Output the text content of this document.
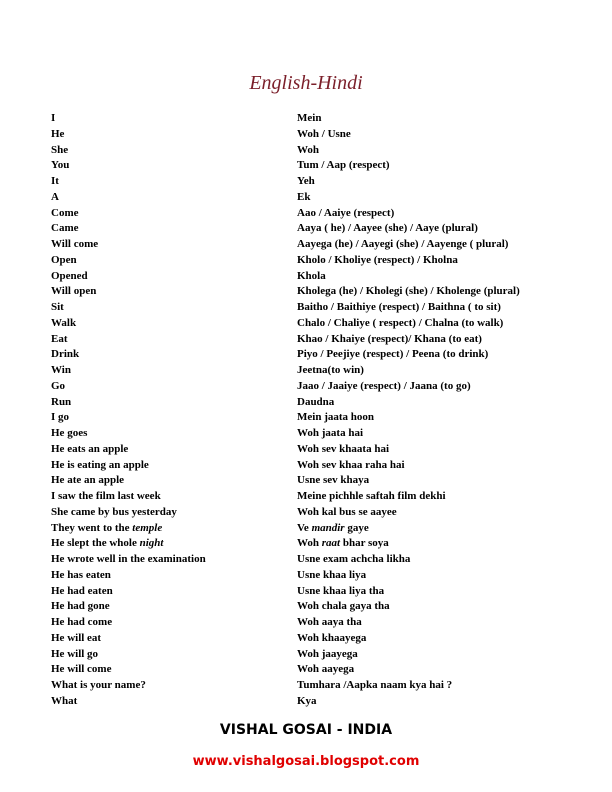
English-Hindi
I	Mein
He	Woh / Usne
She	Woh
You	Tum / Aap (respect)
It	Yeh
A	Ek
Come	Aao / Aaiye (respect)
Came	Aaya ( he) / Aayee (she) / Aaye (plural)
Will come	Aayega (he) / Aayegi (she) / Aayenge ( plural)
Open	Kholo / Kholiye (respect) / Kholna
Opened	Khola
Will open	Kholega (he) / Kholegi (she) / Kholenge (plural)
Sit	Baitho / Baithiye (respect) / Baithna ( to sit)
Walk	Chalo / Chaliye ( respect) / Chalna (to walk)
Eat	Khao / Khaiye (respect)/ Khana (to eat)
Drink	Piyo / Peejiye (respect) / Peena (to drink)
Win	Jeetna(to win)
Go	Jaao / Jaaiye (respect) / Jaana (to go)
Run	Daudna
I go	Mein jaata hoon
He goes	Woh jaata hai
He eats an apple	Woh sev khaata hai
He is eating an apple	Woh sev khaa raha hai
He ate an apple	Usne sev khaya
I saw the film last week	Meine pichhle saftah film dekhi
She came by bus yesterday	Woh kal bus se aayee
They went to the temple	Ve mandir gaye
He slept the whole night	Woh raat bhar soya
He wrote well in the examination	Usne exam achcha likha
He has eaten	Usne khaa liya
He had eaten	Usne khaa liya tha
He had gone	Woh chala gaya tha
He had come	Woh aaya tha
He will eat	Woh khaayega
He will go	Woh jaayega
He will come	Woh aayega
What is your name?	Tumhara /Aapka naam kya hai ?
What	Kya
VISHAL GOSAI - INDIA
www.vishalgosai.blogspot.com
